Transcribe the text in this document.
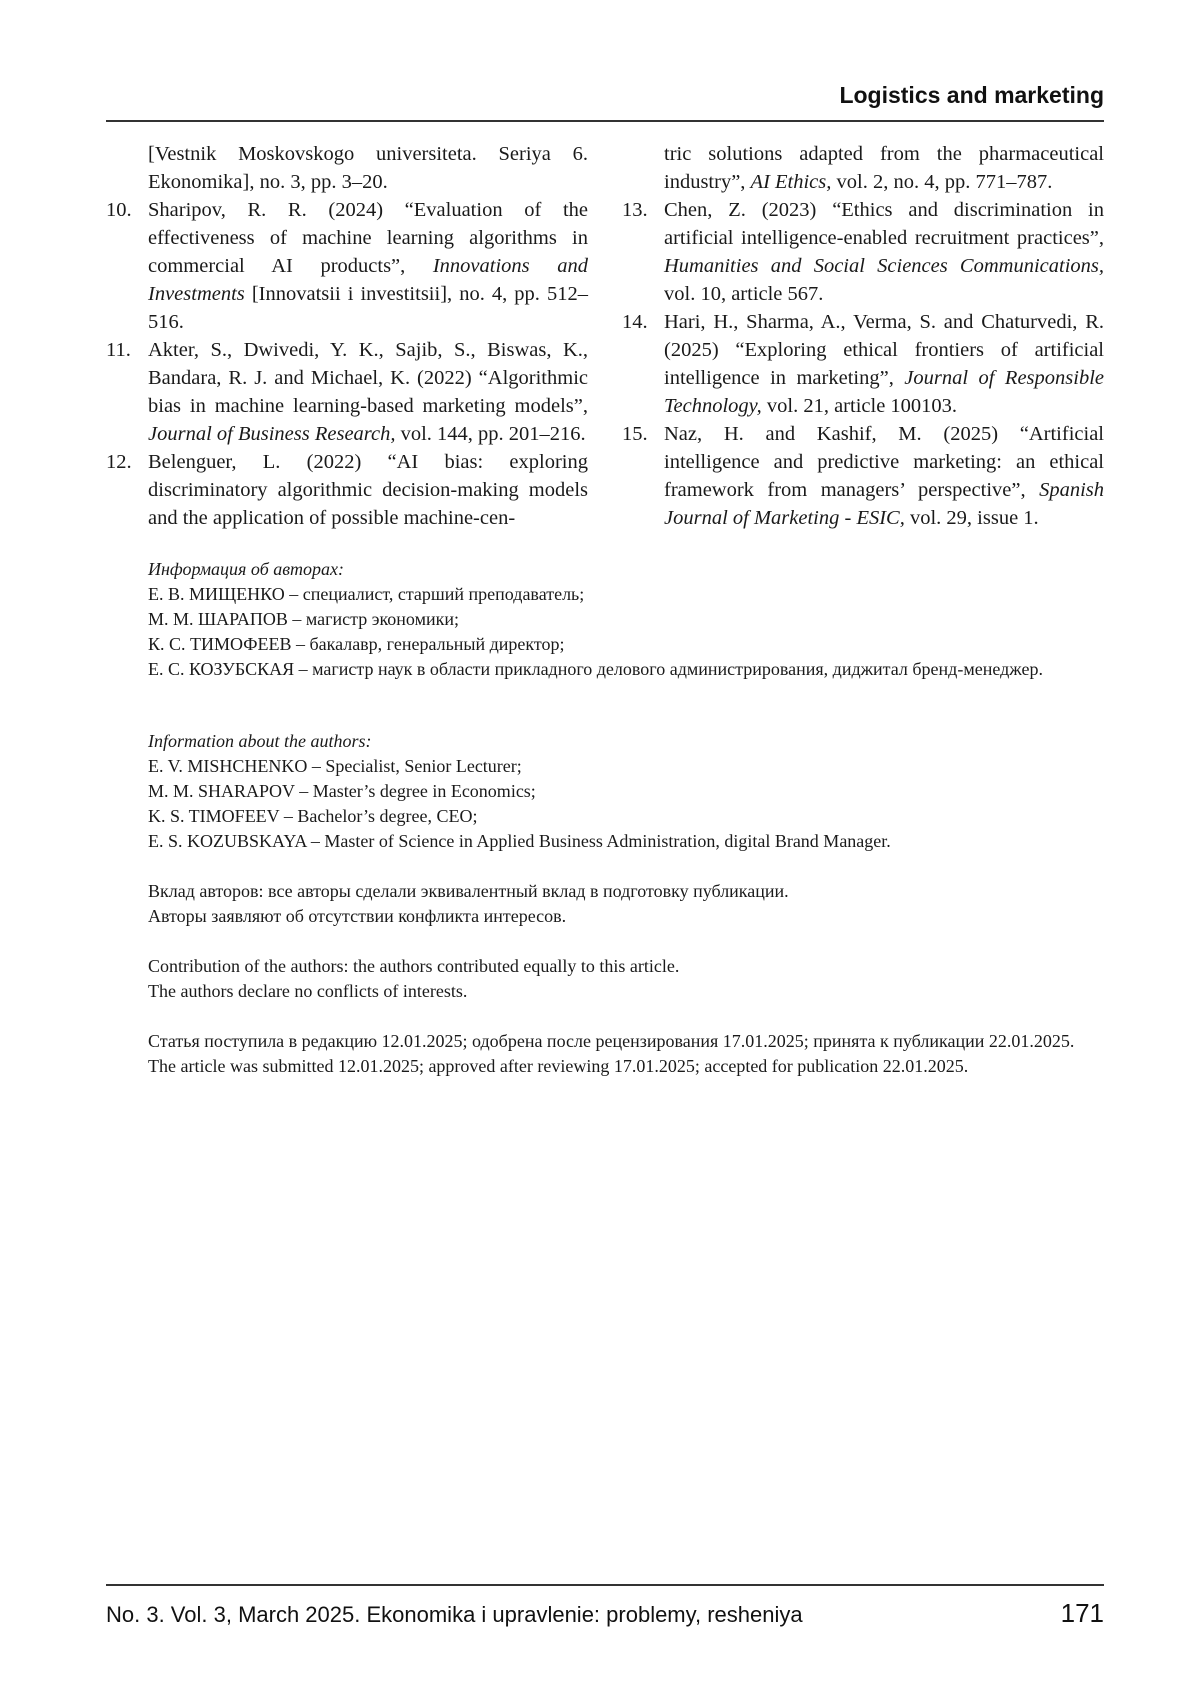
Logistics and marketing
[Vestnik Moskovskogo universiteta. Seriya 6. Ekonomika], no. 3, pp. 3–20.
10. Sharipov, R. R. (2024) “Evaluation of the effectiveness of machine learning algorithms in commercial AI products”, Innovations and Investments [Innovatsii i investitsii], no. 4, pp. 512–516.
11. Akter, S., Dwivedi, Y. K., Sajib, S., Biswas, K., Bandara, R. J. and Michael, K. (2022) “Algorithmic bias in machine learning-based marketing models”, Journal of Business Research, vol. 144, pp. 201–216.
12. Belenguer, L. (2022) “AI bias: exploring discriminatory algorithmic decision-making models and the application of possible machine-cen-
tric solutions adapted from the pharmaceutical industry”, AI Ethics, vol. 2, no. 4, pp. 771–787.
13. Chen, Z. (2023) “Ethics and discrimination in artificial intelligence-enabled recruitment practices”, Humanities and Social Sciences Communications, vol. 10, article 567.
14. Hari, H., Sharma, A., Verma, S. and Chaturvedi, R. (2025) “Exploring ethical frontiers of artificial intelligence in marketing”, Journal of Responsible Technology, vol. 21, article 100103.
15. Naz, H. and Kashif, M. (2025) “Artificial intelligence and predictive marketing: an ethical framework from managers’ perspective”, Spanish Journal of Marketing - ESIC, vol. 29, issue 1.
Информация об авторах:
Е. В. МИЩЕНКО – специалист, старший преподаватель;
М. М. ШАРАПОВ – магистр экономики;
К. С. ТИМОФЕЕВ – бакалавр, генеральный директор;
Е. С. КОЗУБСКАЯ – магистр наук в области прикладного делового администрирования, диджитал бренд-менеджер.
Information about the authors:
E. V. MISHCHENKO – Specialist, Senior Lecturer;
M. M. SHARAPOV – Master’s degree in Economics;
K. S. TIMOFEEV – Bachelor’s degree, CEO;
E. S. KOZUBSKAYA – Master of Science in Applied Business Administration, digital Brand Manager.
Вклад авторов: все авторы сделали эквивалентный вклад в подготовку публикации.
Авторы заявляют об отсутствии конфликта интересов.
Contribution of the authors: the authors contributed equally to this article.
The authors declare no conflicts of interests.
Статья поступила в редакцию 12.01.2025; одобрена после рецензирования 17.01.2025; принята к публикации 22.01.2025.
The article was submitted 12.01.2025; approved after reviewing 17.01.2025; accepted for publication 22.01.2025.
No. 3. Vol. 3, March 2025. Ekonomika i upravlenie: problemy, resheniya	171
